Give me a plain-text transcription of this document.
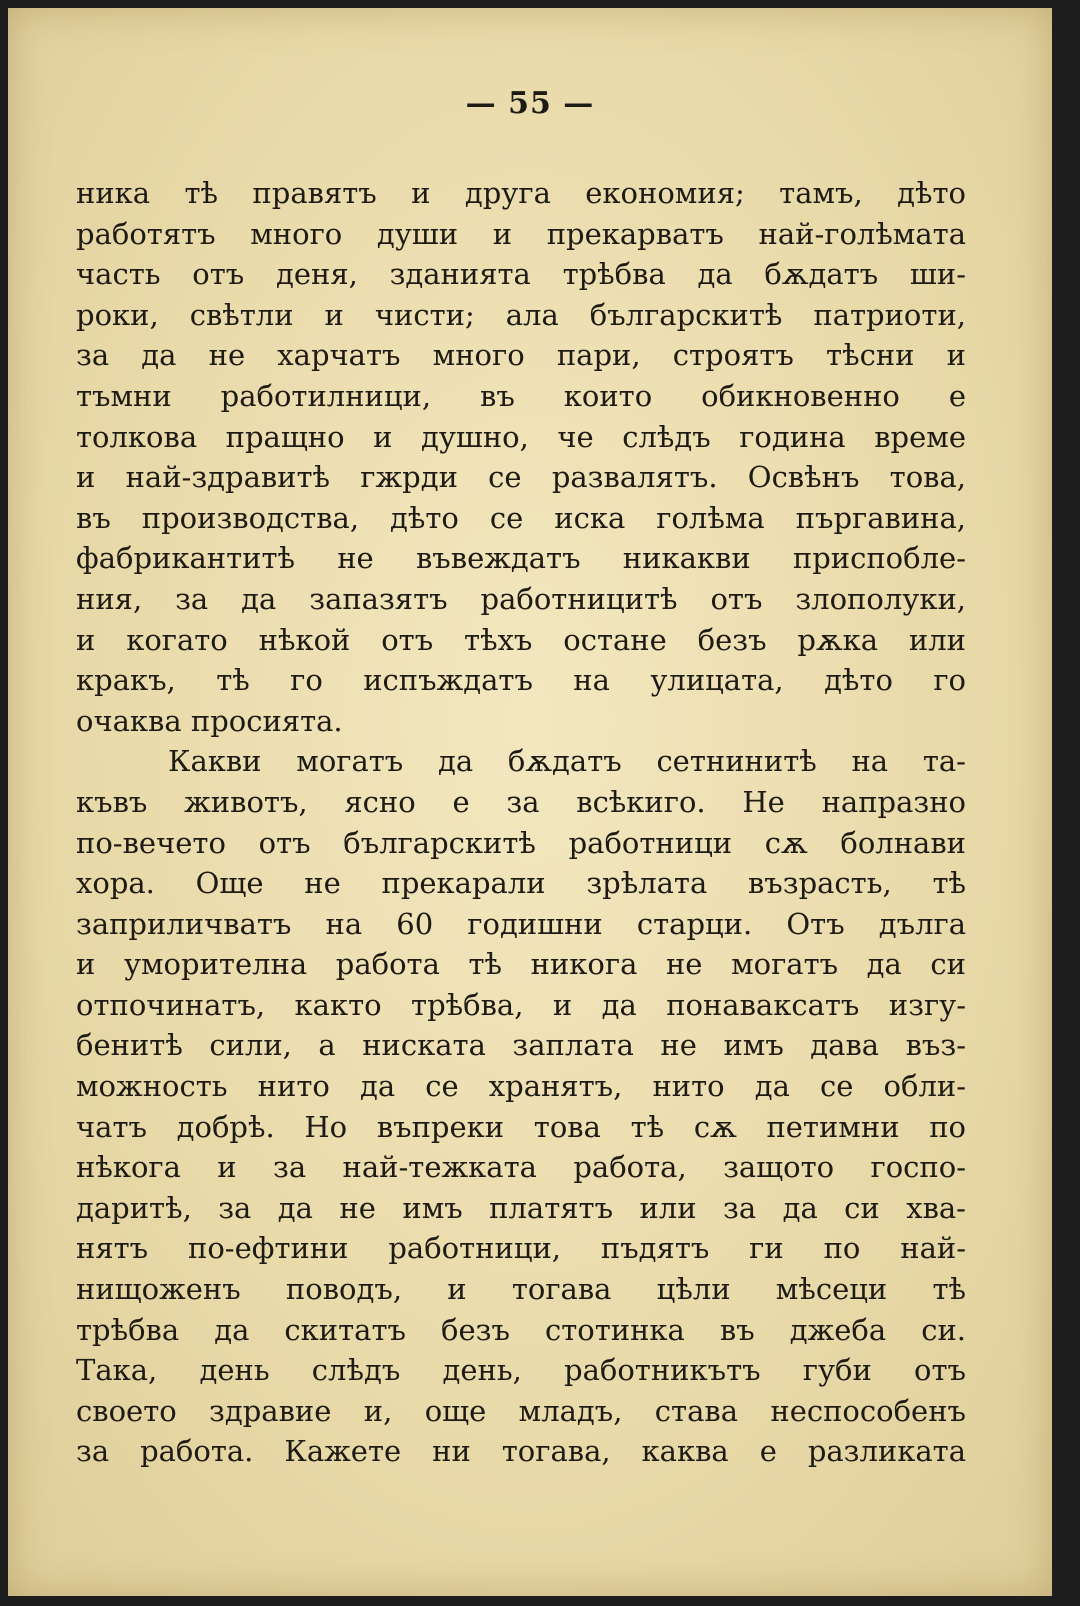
— 55 —
ника тѣ правятъ и друга економия; тамъ, дѣто
работятъ много души и прекарватъ най-голѣмата
часть отъ деня, зданията трѣбва да бѫдатъ ши-
роки, свѣтли и чисти; ала българскитѣ патриоти,
за да не харчатъ много пари, строятъ тѣсни и
тъмни работилници, въ които обикновенно е
толкова пращно и душно, че слѣдъ година време
и най-здравитѣ гжрди се развалятъ. Освѣнъ това,
въ производства, дѣто се иска голѣма пъргавина,
фабрикантитѣ не въвеждатъ никакви приспобле-
ния, за да запазятъ работницитѣ отъ злополуки,
и когато нѣкой отъ тѣхъ остане безъ рѫка или
кракъ, тѣ го испъждатъ на улицата, дѣто го
очаква просията.
Какви могатъ да бѫдатъ сетнинитѣ на та-
къвъ животъ, ясно е за всѣкиго. Не напразно
по-вечето отъ българскитѣ работници сѫ болнави
хора. Още не прекарали зрѣлата възрасть, тѣ
заприличватъ на 60 годишни старци. Отъ дълга
и уморителна работа тѣ никога не могатъ да си
отпочинатъ, както трѣбва, и да понаваксатъ изгу-
бенитѣ сили, а ниската заплата не имъ дава въз-
можность нито да се хранятъ, нито да се обли-
чатъ добрѣ. Но въпреки това тѣ сѫ петимни по
нѣкога и за най-тежката работа, защото госпо-
даритѣ, за да не имъ платятъ или за да си хва-
нятъ по-ефтини работници, пъдятъ ги по най-
нищоженъ поводъ, и тогава цѣли мѣсеци тѣ
трѣбва да скитатъ безъ стотинка въ джеба си.
Така, день слѣдъ день, работникътъ губи отъ
своето здравие и, още младъ, става неспособенъ
за работа. Кажете ни тогава, каква е разликата
